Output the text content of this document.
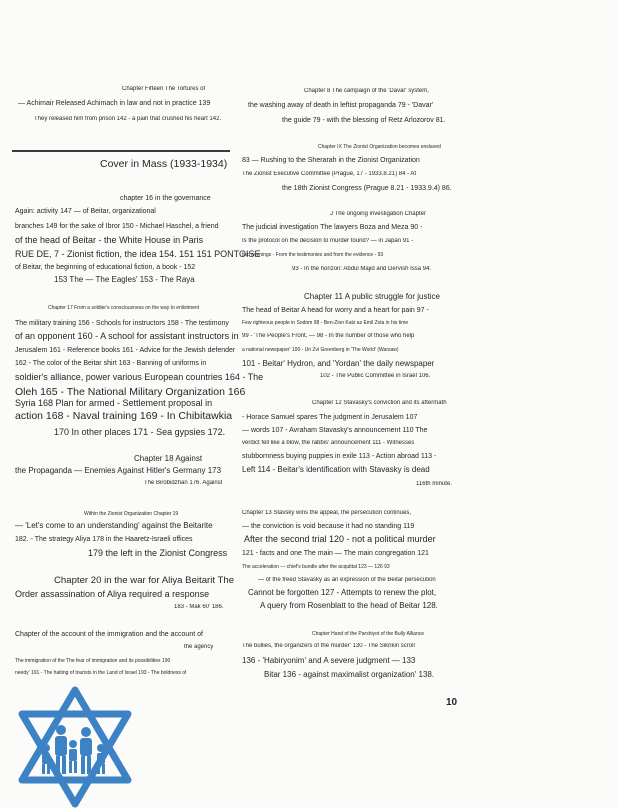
Chapter Fifteen The Tortures of
— Achimair Released Achimach in law and not in practice 139
They released him from prison 142 - a pain that crushed his heart 142.
Cover in Mass (1933-1934)
chapter 16 in the governance
Again: activity 147 — of Beitar, organizational
branches 149 for the sake of Ibror 150 - Michael Haschel, a friend
of the head of Beitar - the White House in Paris
RUE DE, 7 - Zionist fiction, the idea 154. 151 151 PONTOISE
of Beitar, the beginning of educational fiction, a book - 152
153 The — The Eagles' 153 - The Raya
Chapter 17 From a soldier's consciousness on the way to enlistment
The military training 156 - Schools for instructors 158 - The testimony
of an opponent 160 - A school for assistant instructors in
Jerusalem 161 - Reference books 161 - Advice for the Jewish defender
162 - The color of the Beitar shirt 163 - Banning of uniforms in
soldier's alliance, power various European countries 164 - The
Oleh 165 - The National Military Organization 166
Syria 168 Plan for armed - Settlement proposal in
action 168 - Naval training 169 - In Chibitawkia
170 In other places 171 - Sea gypsies 172.
Chapter 18 Against
the Propaganda — Enemies Against Hitler's Germany 173
The Birobidzhan 176. Against
Within the Zionist Organization Chapter 19
— 'Let's come to an understanding' against the Beitarite
182. - The strategy Aliya 178 in the Haaretz-Israeli offices
179 the left in the Zionist Congress
Chapter 20 in the war for Aliya Beitarit The
Order assassination of Aliya required a response
183 - Mak 60' 186.
Chapter of the account of the immigration and the account of
the agency
The immigration of the The fear of immigration and its possibilities 190
needy' 191 - The halting of tourists in the Land of Israel 193 - The boldness of
Chapter 8 The campaign of the 'Davar' system,
the washing away of death in leftist propaganda 79 - 'Davar'
the guide 79 - with the blessing of Retz Arlozorov 81.
Chapter IX The Zionist Organization becomes enslaved
83 — Rushing to the Sherarah in the Zionist Organization
The Zionist Executive Committee (Prague, 17 - 1933.8.21) 84 - At
the 18th Zionist Congress (Prague 8.21 - 1933.9.4) 86.
J The ongoing investigation Chapter
The judicial investigation The lawyers Boza and Meza 90 -
Is the protocol on the decision to murder found? — in Japan 91 -
two evenings - From the testimonies and from the evidence - 93
93 - In the horizon: Abdul Majid and Dervish Issa 94.
Chapter 11 A public struggle for justice
The head of Beitar A head for worry and a heart for pain 97 -
Few righteous people in Sodom 98 - Ben-Zion Katz as Emil Zola in his time
99 - 'The People's Front, — 98 - In the number of those who help
a national newspaper' 100 - Uri Zvi Greenberg in 'The World' (Warsaw)
101 - Beitar' Hydron, and 'Yordan' the daily newspaper
102 - The Public Committee in Israel 106.
Chapter 12 Stavasky's conviction and its aftermath
- Horace Samuel spares The judgment in Jerusalem 107
— words 107 - Avraham Stavasky's announcement 110 The
verdict fell like a blow, the rabbis' announcement 111 - Witnesses
stubbornness buying puppies in exile 113 - Action abroad 113 -
Left 114 - Beitar's identification with Stavasky is dead
116th minute.
Chapter 13 Stavsky wins the appeal, the persecution continues,
— the conviction is void because it had no standing 119
After the second trial 120 - not a political murder
121 - facts and one The main — The main congregation 121
The acceleration — chief's bundle after the acquittal 123 — 126 93
— of the freed Stavasky as an expression of the Beitar persecution
Cannot be forgotten 127 - Attempts to renew the plot,
A query from Rosenblatt to the head of Beitar 128.
Chapter Hand of the Parshiyot of the Bully Alliance
The bullies, the organizers of the murder' 130 - The Sikrikin scroll
136 - 'Habiryonim' and A severe judgment — 133
Bitar 136 - against maximalist organization' 138.
10
